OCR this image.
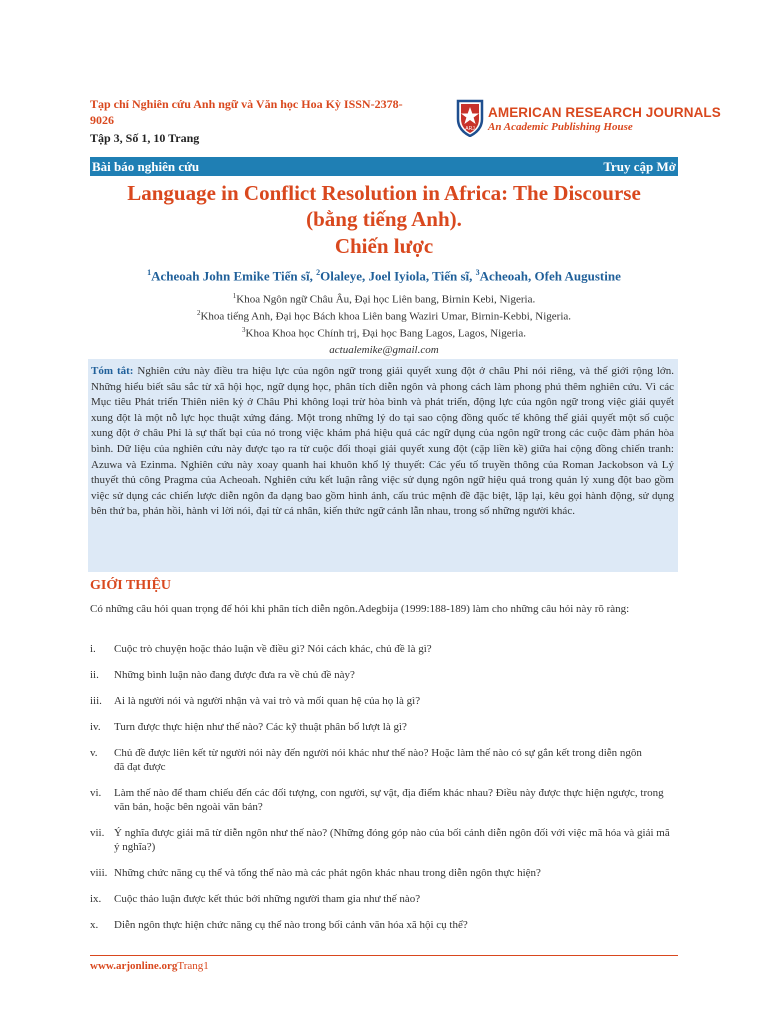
Tạp chí Nghiên cứu Anh ngữ và Văn học Hoa Kỳ ISSN-2378-9026
Tập 3, Số 1, 10 Trang
ARJ
AMERICAN RESEARCH JOURNALS
An Academic Publishing House
Bài báo nghiên cứu	Truy cập Mở
Language in Conflict Resolution in Africa: The Discourse
(bằng tiếng Anh).
Chiến lược
$^1$Acheoah John Emike Tiến sĩ, $^2$Olaleye, Joel Iyiola, Tiến sĩ, $^3$Acheoah, Ofeh Augustine
$^1$Khoa Ngôn ngữ Châu Âu, Đại học Liên bang, Birnin Kebi, Nigeria.
$^2$Khoa tiếng Anh, Đại học Bách khoa Liên bang Waziri Umar, Birnin-Kebbi, Nigeria.
$^3$Khoa Khoa học Chính trị, Đại học Bang Lagos, Lagos, Nigeria.
actualemike@gmail.com
Tóm tắt: Nghiên cứu này điều tra hiệu lực của ngôn ngữ trong giải quyết xung đột ở châu Phi nói riêng, và thế giới rộng lớn. Những hiểu biết sâu sắc từ xã hội học, ngữ dụng học, phân tích diễn ngôn và phong cách làm phong phú thêm nghiên cứu. Vì các Mục tiêu Phát triển Thiên niên kỷ ở Châu Phi không loại trừ hòa bình và phát triển, động lực của ngôn ngữ trong việc giải quyết xung đột là một nỗ lực học thuật xứng đáng. Một trong những lý do tại sao cộng đồng quốc tế không thể giải quyết một số cuộc xung đột ở châu Phi là sự thất bại của nó trong việc khám phá hiệu quả các ngữ dụng của ngôn ngữ trong các cuộc đàm phán hòa bình. Dữ liệu của nghiên cứu này được tạo ra từ cuộc đối thoại giải quyết xung đột (cặp liền kề) giữa hai cộng đồng chiến tranh: Azuwa và Ezinma. Nghiên cứu này xoay quanh hai khuôn khổ lý thuyết: Các yếu tố truyền thông của Roman Jackobson và Lý thuyết thủ công Pragma của Acheoah. Nghiên cứu kết luận rằng việc sử dụng ngôn ngữ hiệu quả trong quản lý xung đột bao gồm việc sử dụng các chiến lược diễn ngôn đa dạng bao gồm hình ảnh, cấu trúc mệnh đề đặc biệt, lặp lại, kêu gọi hành động, sử dụng bên thứ ba, phản hồi, hành vi lời nói, đại từ cá nhân, kiến thức ngữ cảnh lẫn nhau, trong số những người khác.
GIỚI THIỆU
Có những câu hỏi quan trọng để hỏi khi phân tích diễn ngôn.Adegbija (1999:188-189) làm cho những câu hỏi này rõ ràng:
i.	Cuộc trò chuyện hoặc thảo luận về điều gì? Nói cách khác, chủ đề là gì?
ii.	Những bình luận nào đang được đưa ra về chủ đề này?
iii.	Ai là người nói và người nhận và vai trò và mối quan hệ của họ là gì?
iv.	Turn được thực hiện như thế nào? Các kỹ thuật phân bổ lượt là gì?
v.	Chủ đề được liên kết từ người nói này đến người nói khác như thế nào? Hoặc làm thế nào có sự gắn kết trong diễn ngôn
đã đạt được
vi.	Làm thế nào để tham chiếu đến các đối tượng, con người, sự vật, địa điểm khác nhau? Điều này được thực hiện ngược, trong văn bản, hoặc bên ngoài văn bản?
vii. Ý nghĩa được giải mã từ diễn ngôn như thế nào? (Những đóng góp nào của bối cảnh diễn ngôn đối với việc mã hóa và giải mã ý nghĩa?)
viii. Những chức năng cụ thể và tổng thể nào mà các phát ngôn khác nhau trong diễn ngôn thực hiện?
ix.	Cuộc thảo luận được kết thúc bởi những người tham gia như thế nào?
x.	Diễn ngôn thực hiện chức năng cụ thể nào trong bối cảnh văn hóa xã hội cụ thể?
www.arjonline.orgTrang1
